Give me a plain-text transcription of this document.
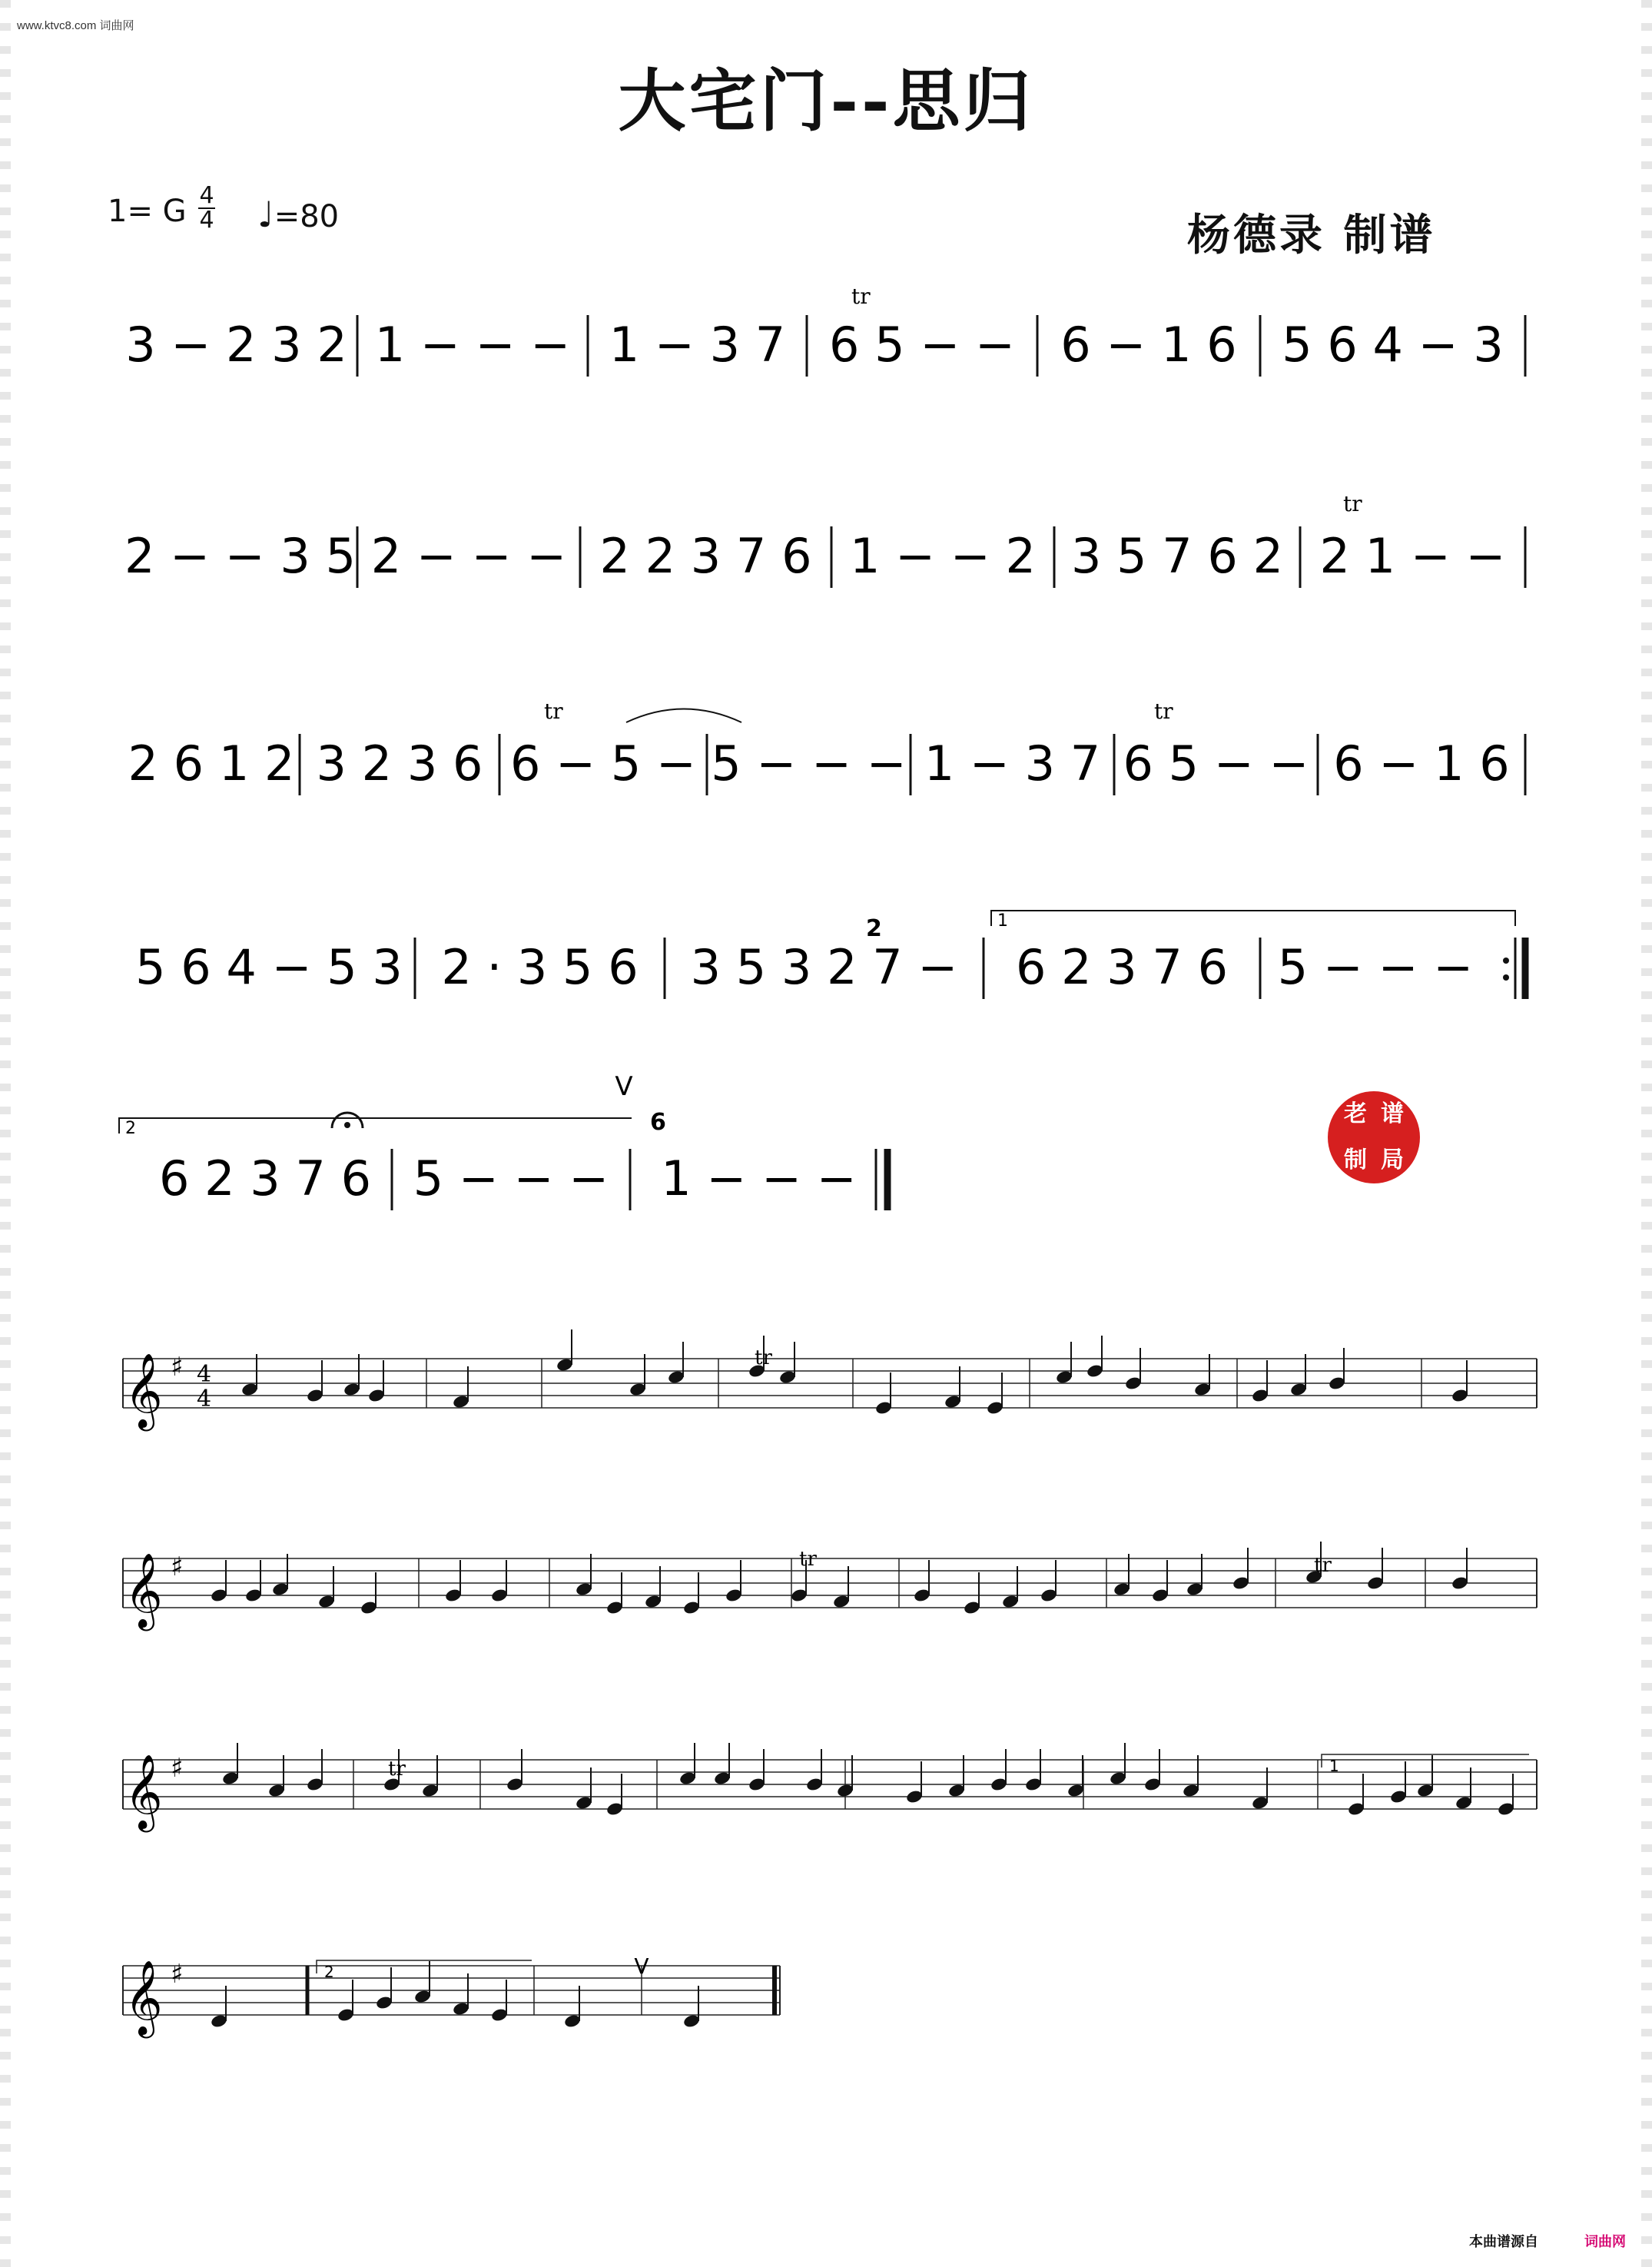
www.ktvc8.com 词曲网
大宅门--思归
1= G 4
4 ♩=80	杨德录 制谱
老 谱
制 局
本曲谱源自	词曲网
3 − 2 3 2 1 − − − 1 − 3 7 6 5 − − 6 − 1 6 5 6 4 − 3
2 − − 3 5 2 − − − 2 2 3 7 6 1 − − 2 3 5 7 6 2 2 1 − −
2 6 1 2 3 2 3 6 6 − 5 − 5 − − − 1 − 3 7 6 5 − − 6 − 1 6
5 6 4 − 5 3 2 · 3 5 6 3 5 3 2 7 − 6 2 3 7 6 5 − − −
6 2 3 7 6 5 − − − 1 − − −
tr
tr
tr	tr
1
2
V
2
6
𝄞 ♯
𝄞 ♯
𝄞 ♯
𝄞 ♯
4
4
tr
tr	tr
tr	1
2	V
